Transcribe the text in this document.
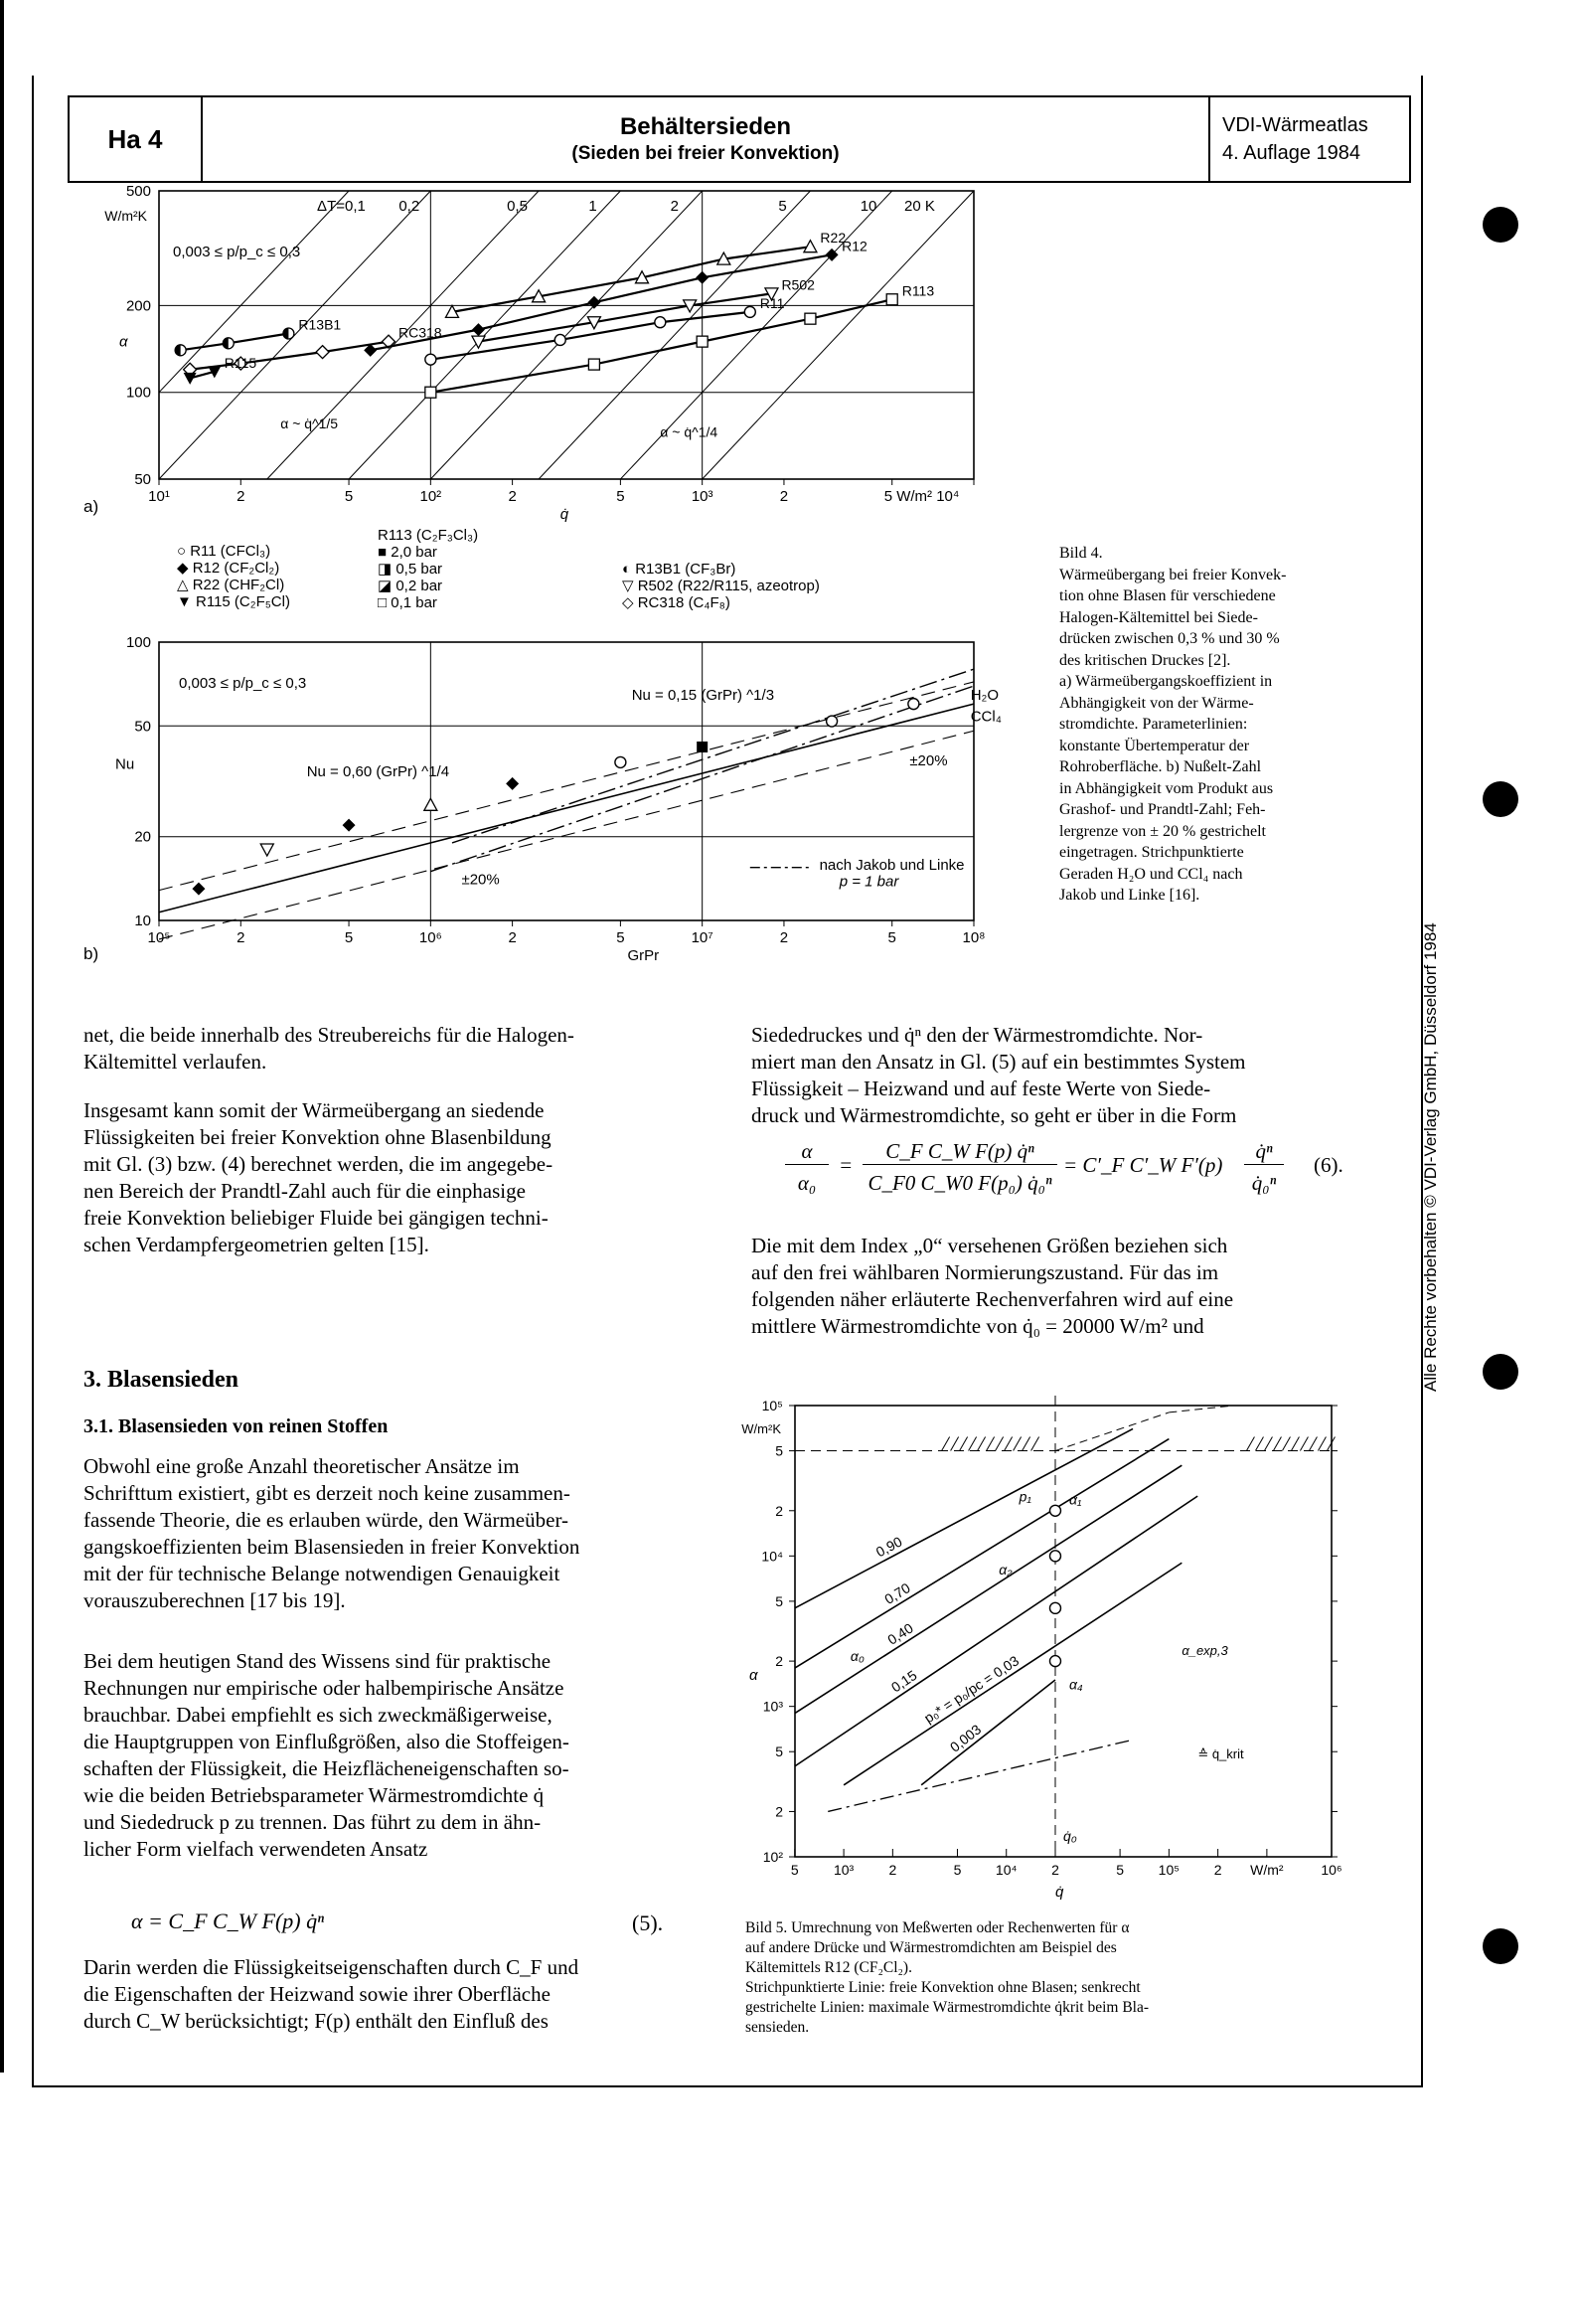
Ha 4	Behältersieden
(Sieden bei freier Konvektion)
VDI-Wärmeatlas
4. Auflage 1984
Alle Rechte vorbehalten © VDI-Verlag GmbH, Düsseldorf 1984
10¹	2	5	10²	2	5	10³	2	5 W/m² 10⁴
500
200
100
50
W/m²K
α
q̇
ΔT=0,1 0,2	0,5	1	2	5	10 20 K
0,003 ≤ p/p_c ≤ 0,3
R13B1
RC318
R115
R22
R12
R502
R11
R113
α ~ q̇^1/5
α ~ q̇^1/4
a)
○ R11 (CFCl₃)
◆ R12 (CF₂Cl₂)
△ R22 (CHF₂Cl)
▼ R115 (C₂F₅Cl)
R113 (C₂F₃Cl₃)
■ 2,0 bar
◨ 0,5 bar
◪ 0,2 bar
□ 0,1 bar
◐ R13B1 (CF₃Br)
▽ R502 (R22/R115, azeotrop)
◇ RC318 (C₄F₈)
10⁵	2	5	10⁶	2	5	10⁷	2	5	10⁸
100
50
20
10
Nu
GrPr
0,003 ≤ p/p_c ≤ 0,3
Nu = 0,60 (GrPr) ^1/4
Nu = 0,15 (GrPr) ^1/3	H₂O
CCl₄
±20%
±20%
nach Jakob und Linke
p = 1 bar
b)
Bild 4.
Wärmeübergang bei freier Konvek-
tion ohne Blasen für verschiedene
Halogen-Kältemittel bei Siede-
drücken zwischen 0,3 % und 30 %
des kritischen Druckes [2].
a) Wärmeübergangskoeffizient in
Abhängigkeit von der Wärme-
stromdichte. Parameterlinien:
konstante Übertemperatur der
Rohroberfläche. b) Nußelt-Zahl
in Abhängigkeit vom Produkt aus
Grashof- und Prandtl-Zahl; Feh-
lergrenze von ± 20 % gestrichelt
eingetragen. Strichpunktierte
Geraden H₂O und CCl₄ nach
Jakob und Linke [16].
net, die beide innerhalb des Streubereichs für die Halogen-
Kältemittel verlaufen.
Insgesamt kann somit der Wärmeübergang an siedende
Flüssigkeiten bei freier Konvektion ohne Blasenbildung
mit Gl. (3) bzw. (4) berechnet werden, die im angegebe-
nen Bereich der Prandtl-Zahl auch für die einphasige
freie Konvektion beliebiger Fluide bei gängigen techni-
schen Verdampfergeometrien gelten [15].
3. Blasensieden
3.1. Blasensieden von reinen Stoffen
Obwohl eine große Anzahl theoretischer Ansätze im
Schrifttum existiert, gibt es derzeit noch keine zusammen-
fassende Theorie, die es erlauben würde, den Wärmeüber-
gangskoeffizienten beim Blasensieden in freier Konvektion
mit der für technische Belange notwendigen Genauigkeit
vorauszuberechnen [17 bis 19].
Bei dem heutigen Stand des Wissens sind für praktische
Rechnungen nur empirische oder halbempirische Ansätze
brauchbar. Dabei empfiehlt es sich zweckmäßigerweise,
die Hauptgruppen von Einflußgrößen, also die Stoffeigen-
schaften der Flüssigkeit, die Heizflächeneigenschaften so-
wie die beiden Betriebsparameter Wärmestromdichte q̇
und Siededruck p zu trennen. Das führt zu dem in ähn-
licher Form vielfach verwendeten Ansatz
α = C_F C_W F(p) q̇ⁿ	(5).
Darin werden die Flüssigkeitseigenschaften durch C_F und
die Eigenschaften der Heizwand sowie ihrer Oberfläche
durch C_W berücksichtigt; F(p) enthält den Einfluß des
Siededruckes und q̇ⁿ den der Wärmestromdichte. Nor-
miert man den Ansatz in Gl. (5) auf ein bestimmtes System
Flüssigkeit – Heizwand und auf feste Werte von Siede-
druck und Wärmestromdichte, so geht er über in die Form
α
α₀
=
C_F C_W F(p) q̇ⁿ
C_F0 C_W0 F(p₀) q̇₀ⁿ
= C′_F C′_W F′(p)
q̇ⁿ
q̇₀ⁿ
(6).
Die mit dem Index „0“ versehenen Größen beziehen sich
auf den frei wählbaren Normierungszustand. Für das im
folgenden näher erläuterte Rechenverfahren wird auf eine
mittlere Wärmestromdichte von q̇₀ = 20000 W/m² und
10⁵
5
2
10⁴
5
2
10³
5
2
10²
5	10³	2	5 10⁴ 2	5 10⁵ 2 W/m²	10⁶
W/m²K
α
q̇
0,90
0,70
0,40
0,15 p₀* = p₀/pc = 0,03
0,003
p₁	α₁
α₂
α₀	α_exp,3
α₄
q̇₀
≙ q̇_krit
Bild 5. Umrechnung von Meßwerten oder Rechenwerten für α
auf andere Drücke und Wärmestromdichten am Beispiel des
Kältemittels R12 (CF₂Cl₂).
Strichpunktierte Linie: freie Konvektion ohne Blasen; senkrecht
gestrichelte Linien: maximale Wärmestromdichte q̇krit beim Bla-
sensieden.
